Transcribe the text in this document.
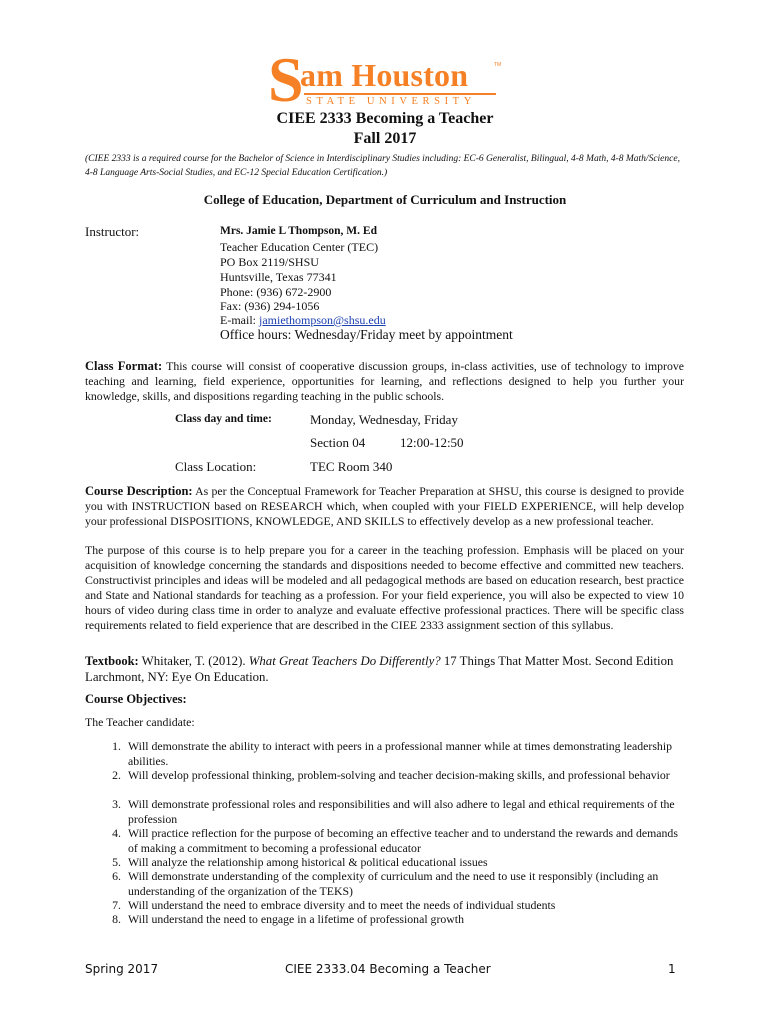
S
am Houston	TM
STATE UNIVERSITY
CIEE 2333 Becoming a Teacher
Fall 2017
(CIEE 2333 is a required course for the Bachelor of Science in Interdisciplinary Studies including: EC-6 Generalist, Bilingual, 4-8 Math, 4-8 Math/Science, 4-8 Language Arts-Social Studies, and EC-12 Special Education Certification.)
College of Education, Department of Curriculum and Instruction
Instructor:	Mrs. Jamie L Thompson, M. Ed
Teacher Education Center (TEC)
PO Box 2119/SHSU
Huntsville, Texas 77341
Phone: (936) 672-2900
Fax: (936) 294-1056
E-mail: jamiethompson@shsu.edu
Office hours: Wednesday/Friday meet by appointment
Class Format: This course will consist of cooperative discussion groups, in-class activities, use of technology to improve teaching and learning, field experience, opportunities for learning, and reflections designed to help you further your knowledge, skills, and dispositions regarding teaching in the public schools.
Class day and time:	Monday, Wednesday, Friday
Section 04	12:00-12:50
Class Location:	TEC Room 340
Course Description: As per the Conceptual Framework for Teacher Preparation at SHSU, this course is designed to provide you with INSTRUCTION based on RESEARCH which, when coupled with your FIELD EXPERIENCE, will help develop your professional DISPOSITIONS, KNOWLEDGE, AND SKILLS to effectively develop as a new professional teacher.
The purpose of this course is to help prepare you for a career in the teaching profession. Emphasis will be placed on your acquisition of knowledge concerning the standards and dispositions needed to become effective and committed new teachers. Constructivist principles and ideas will be modeled and all pedagogical methods are based on education research, best practice and State and National standards for teaching as a profession. For your field experience, you will also be expected to view 10 hours of video during class time in order to analyze and evaluate effective professional practices. There will be specific class requirements related to field experience that are described in the CIEE 2333 assignment section of this syllabus.
Textbook: Whitaker, T. (2012). What Great Teachers Do Differently? 17 Things That Matter Most. Second Edition Larchmont, NY: Eye On Education.
Course Objectives:
The Teacher candidate:
1. Will demonstrate the ability to interact with peers in a professional manner while at times demonstrating leadership abilities.
2. Will develop professional thinking, problem-solving and teacher decision-making skills, and professional behavior
3. Will demonstrate professional roles and responsibilities and will also adhere to legal and ethical requirements of the profession
4. Will practice reflection for the purpose of becoming an effective teacher and to understand the rewards and demands of making a commitment to becoming a professional educator
5. Will analyze the relationship among historical & political educational issues
6. Will demonstrate understanding of the complexity of curriculum and the need to use it responsibly (including an understanding of the organization of the TEKS)
7. Will understand the need to embrace diversity and to meet the needs of individual students
8. Will understand the need to engage in a lifetime of professional growth
Spring 2017	CIEE 2333.04 Becoming a Teacher	1
